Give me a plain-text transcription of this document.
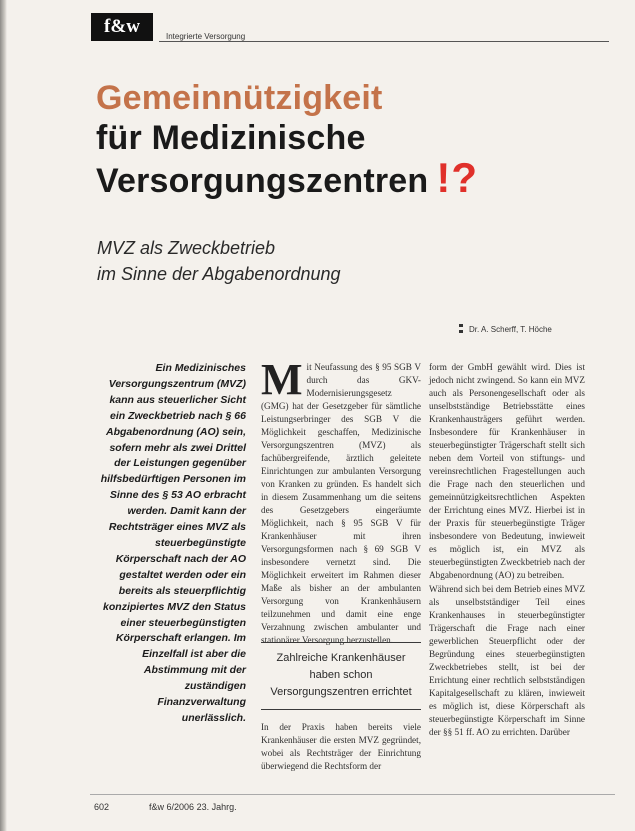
f&w	Integrierte Versorgung
Gemeinnützigkeit
für Medizinische
Versorgungszentren !?
MVZ als Zweckbetrieb
im Sinne der Abgabenordnung
Dr. A. Scherff, T. Höche
Ein Medizinisches Versorgungszentrum (MVZ) kann aus steuerlicher Sicht ein Zweckbetrieb nach § 66 Abgabenordnung (AO) sein, sofern mehr als zwei Drittel der Leistungen gegenüber hilfsbedürftigen Personen im Sinne des § 53 AO erbracht werden. Damit kann der Rechtsträger eines MVZ als steuerbegünstigte Körperschaft nach der AO gestaltet werden oder ein bereits als steuerpflichtig konzipiertes MVZ den Status einer steuerbegünstigten Körperschaft erlangen. Im Einzelfall ist aber die Abstimmung mit der zuständigen Finanzverwaltung unerlässlich.
M it Neufassung des § 95 SGB V durch das GKV-Modernisierungsgesetz (GMG) hat der Gesetzgeber für sämtliche Leistungserbringer des SGB V die Möglichkeit geschaffen, Medizinische Versorgungszentren (MVZ) als fachübergreifende, ärztlich geleitete Einrichtungen zur ambulanten Versorgung von Kranken zu gründen. Es handelt sich in diesem Zusammenhang um die seitens des Gesetzgebers eingeräumte Möglichkeit, nach § 95 SGB V für Krankenhäuser mit ihren Versorgungsformen nach § 69 SGB V insbesondere vernetzt sind. Die Möglichkeit erweitert im Rahmen dieser Maße als bisher an der ambulanten Versorgung von Krankenhäusern teilzunehmen und damit eine enge Verzahnung zwischen ambulanter und stationärer Versorgung herzustellen.

Zahlreiche Krankenhäuser haben schon Versorgungszentren errichtet

In der Praxis haben bereits viele Krankenhäuser die ersten MVZ gegründet, wobei als Rechtsträger der Einrichtung überwiegend die Rechtsform der

form der GmbH gewählt wird. Dies ist jedoch nicht zwingend. So kann ein MVZ auch als Personengesellschaft oder als unselbstständige Betriebsstätte eines Krankenhausträgers geführt werden. Insbesondere für Krankenhäuser in steuerbegünstigter Trägerschaft stellt sich neben dem Vorteil von stiftungs- und vereinsrechtlichen Fragestellungen auch die Frage nach den steuerlichen und gemeinnützigkeitsrechtlichen Aspekten der Errichtung eines MVZ. Hierbei ist in der Praxis für steuerbegünstigte Träger insbesondere von Bedeutung, inwieweit es möglich ist, ein MVZ als steuerbegünstigten Zweckbetrieb nach der Abgabenordnung (AO) zu betreiben.

Während sich bei dem Betrieb eines MVZ als unselbstständiger Teil eines Krankenhauses in steuerbegünstigter Trägerschaft die Frage nach einer gewerblichen Steuerpflicht oder der Begründung eines steuerbegünstigten Zweckbetriebes stellt, ist bei der Errichtung einer rechtlich selbstständigen Kapitalgesellschaft zu klären, inwieweit es möglich ist, diese Körperschaft als steuerbegünstigte Körperschaft im Sinne der §§ 51 ff. AO zu errichten. Darüber

602	f&w 6/2006 23. Jahrg.
